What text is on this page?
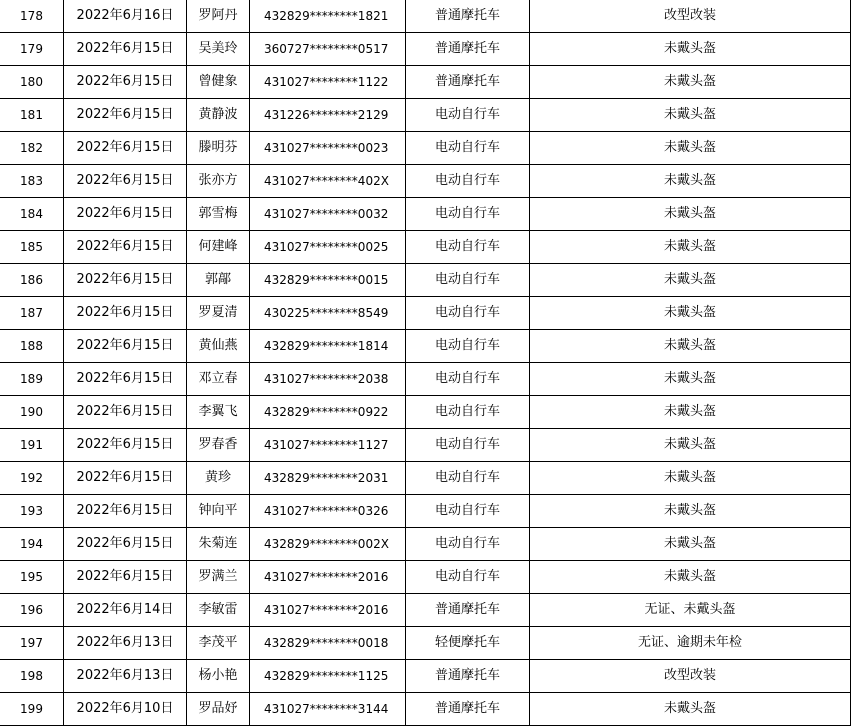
178	2022年6月16日	罗阿丹	432829********1821	普通摩托车	改型改装
179	2022年6月15日	吴美玲	360727********0517	普通摩托车	未戴头盔
180	2022年6月15日	曾健象	431027********1122	普通摩托车	未戴头盔
181	2022年6月15日	黄静波	431226********2129	电动自行车	未戴头盔
182	2022年6月15日	滕明芬	431027********0023	电动自行车	未戴头盔
183	2022年6月15日	张亦方	431027********402X	电动自行车	未戴头盔
184	2022年6月15日	郭雪梅	431027********0032	电动自行车	未戴头盔
185	2022年6月15日	何建峰	431027********0025	电动自行车	未戴头盔
186	2022年6月15日	郭鄗	432829********0015	电动自行车	未戴头盔
187	2022年6月15日	罗夏清	430225********8549	电动自行车	未戴头盔
188	2022年6月15日	黄仙燕	432829********1814	电动自行车	未戴头盔
189	2022年6月15日	邓立春	431027********2038	电动自行车	未戴头盔
190	2022年6月15日	李翼飞	432829********0922	电动自行车	未戴头盔
191	2022年6月15日	罗春香	431027********1127	电动自行车	未戴头盔
192	2022年6月15日	黄珍	432829********2031	电动自行车	未戴头盔
193	2022年6月15日	钟向平	431027********0326	电动自行车	未戴头盔
194	2022年6月15日	朱菊连	432829********002X	电动自行车	未戴头盔
195	2022年6月15日	罗满兰	431027********2016	电动自行车	未戴头盔
196	2022年6月14日	李敏雷	431027********2016	普通摩托车	无证、未戴头盔
197	2022年6月13日	李茂平	432829********0018	轻便摩托车	无证、逾期未年检
198	2022年6月13日	杨小艳	432829********1125	普通摩托车	改型改装
199	2022年6月10日	罗品妤	431027********3144	普通摩托车	未戴头盔
